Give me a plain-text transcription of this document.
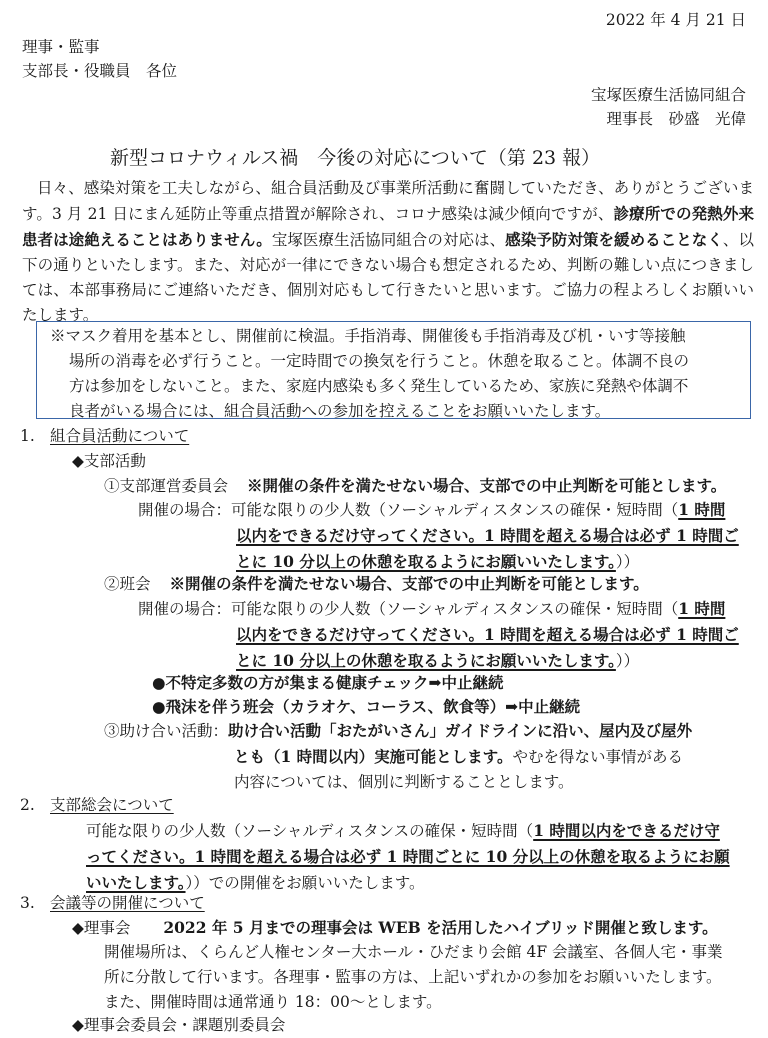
2022 年 4 月 21 日
理事・監事
支部長・役職員　各位
宝塚医療生活協同組合
理事長　砂盛　光偉
新型コロナウィルス禍　今後の対応について（第 23 報）
日々、感染対策を工夫しながら、組合員活動及び事業所活動に奮闘していただき、ありがとうございます。3 月 21 日にまん延防止等重点措置が解除され、コロナ感染は減少傾向ですが、診療所での発熱外来患者は途絶えることはありません。宝塚医療生活協同組合の対応は、感染予防対策を緩めることなく、以下の通りといたします。また、対応が一律にできない場合も想定されるため、判断の難しい点につきましては、本部事務局にご連絡いただき、個別対応もして行きたいと思います。ご協力の程よろしくお願いいたします。
※マスク着用を基本とし、開催前に検温。手指消毒、開催後も手指消毒及び机・いす等接触
場所の消毒を必ず行うこと。一定時間での換気を行うこと。休憩を取ること。体調不良の
方は参加をしないこと。また、家庭内感染も多く発生しているため、家族に発熱や体調不
良者がいる場合には、組合員活動への参加を控えることをお願いいたします。
1. 組合員活動について
◆支部活動
①支部運営委員会 ※開催の条件を満たせない場合、支部での中止判断を可能とします。
開催の場合：可能な限りの少人数（ソーシャルディスタンスの確保・短時間（1 時間
以内をできるだけ守ってください。1 時間を超える場合は必ず 1 時間ご
とに 10 分以上の休憩を取るようにお願いいたします。））
②班会 ※開催の条件を満たせない場合、支部での中止判断を可能とします。
開催の場合：可能な限りの少人数（ソーシャルディスタンスの確保・短時間（1 時間
以内をできるだけ守ってください。1 時間を超える場合は必ず 1 時間ご
とに 10 分以上の休憩を取るようにお願いいたします。））
●不特定多数の方が集まる健康チェック➡中止継続
●飛沫を伴う班会（カラオケ、コーラス、飲食等）➡中止継続
③助け合い活動：助け合い活動「おたがいさん」ガイドラインに沿い、屋内及び屋外
とも（1 時間以内）実施可能とします。やむを得ない事情がある
内容については、個別に判断することとします。
2. 支部総会について
可能な限りの少人数（ソーシャルディスタンスの確保・短時間（1 時間以内をできるだけ守
ってください。1 時間を超える場合は必ず 1 時間ごとに 10 分以上の休憩を取るようにお願
いいたします。））での開催をお願いいたします。
3. 会議等の開催について
◆理事会 2022 年 5 月までの理事会は WEB を活用したハイブリッド開催と致します。
開催場所は、くらんど人権センター大ホール・ひだまり会館 4F 会議室、各個人宅・事業
所に分散して行います。各理事・監事の方は、上記いずれかの参加をお願いいたします。
また、開催時間は通常通り 18：00～とします。
◆理事会委員会・課題別委員会
